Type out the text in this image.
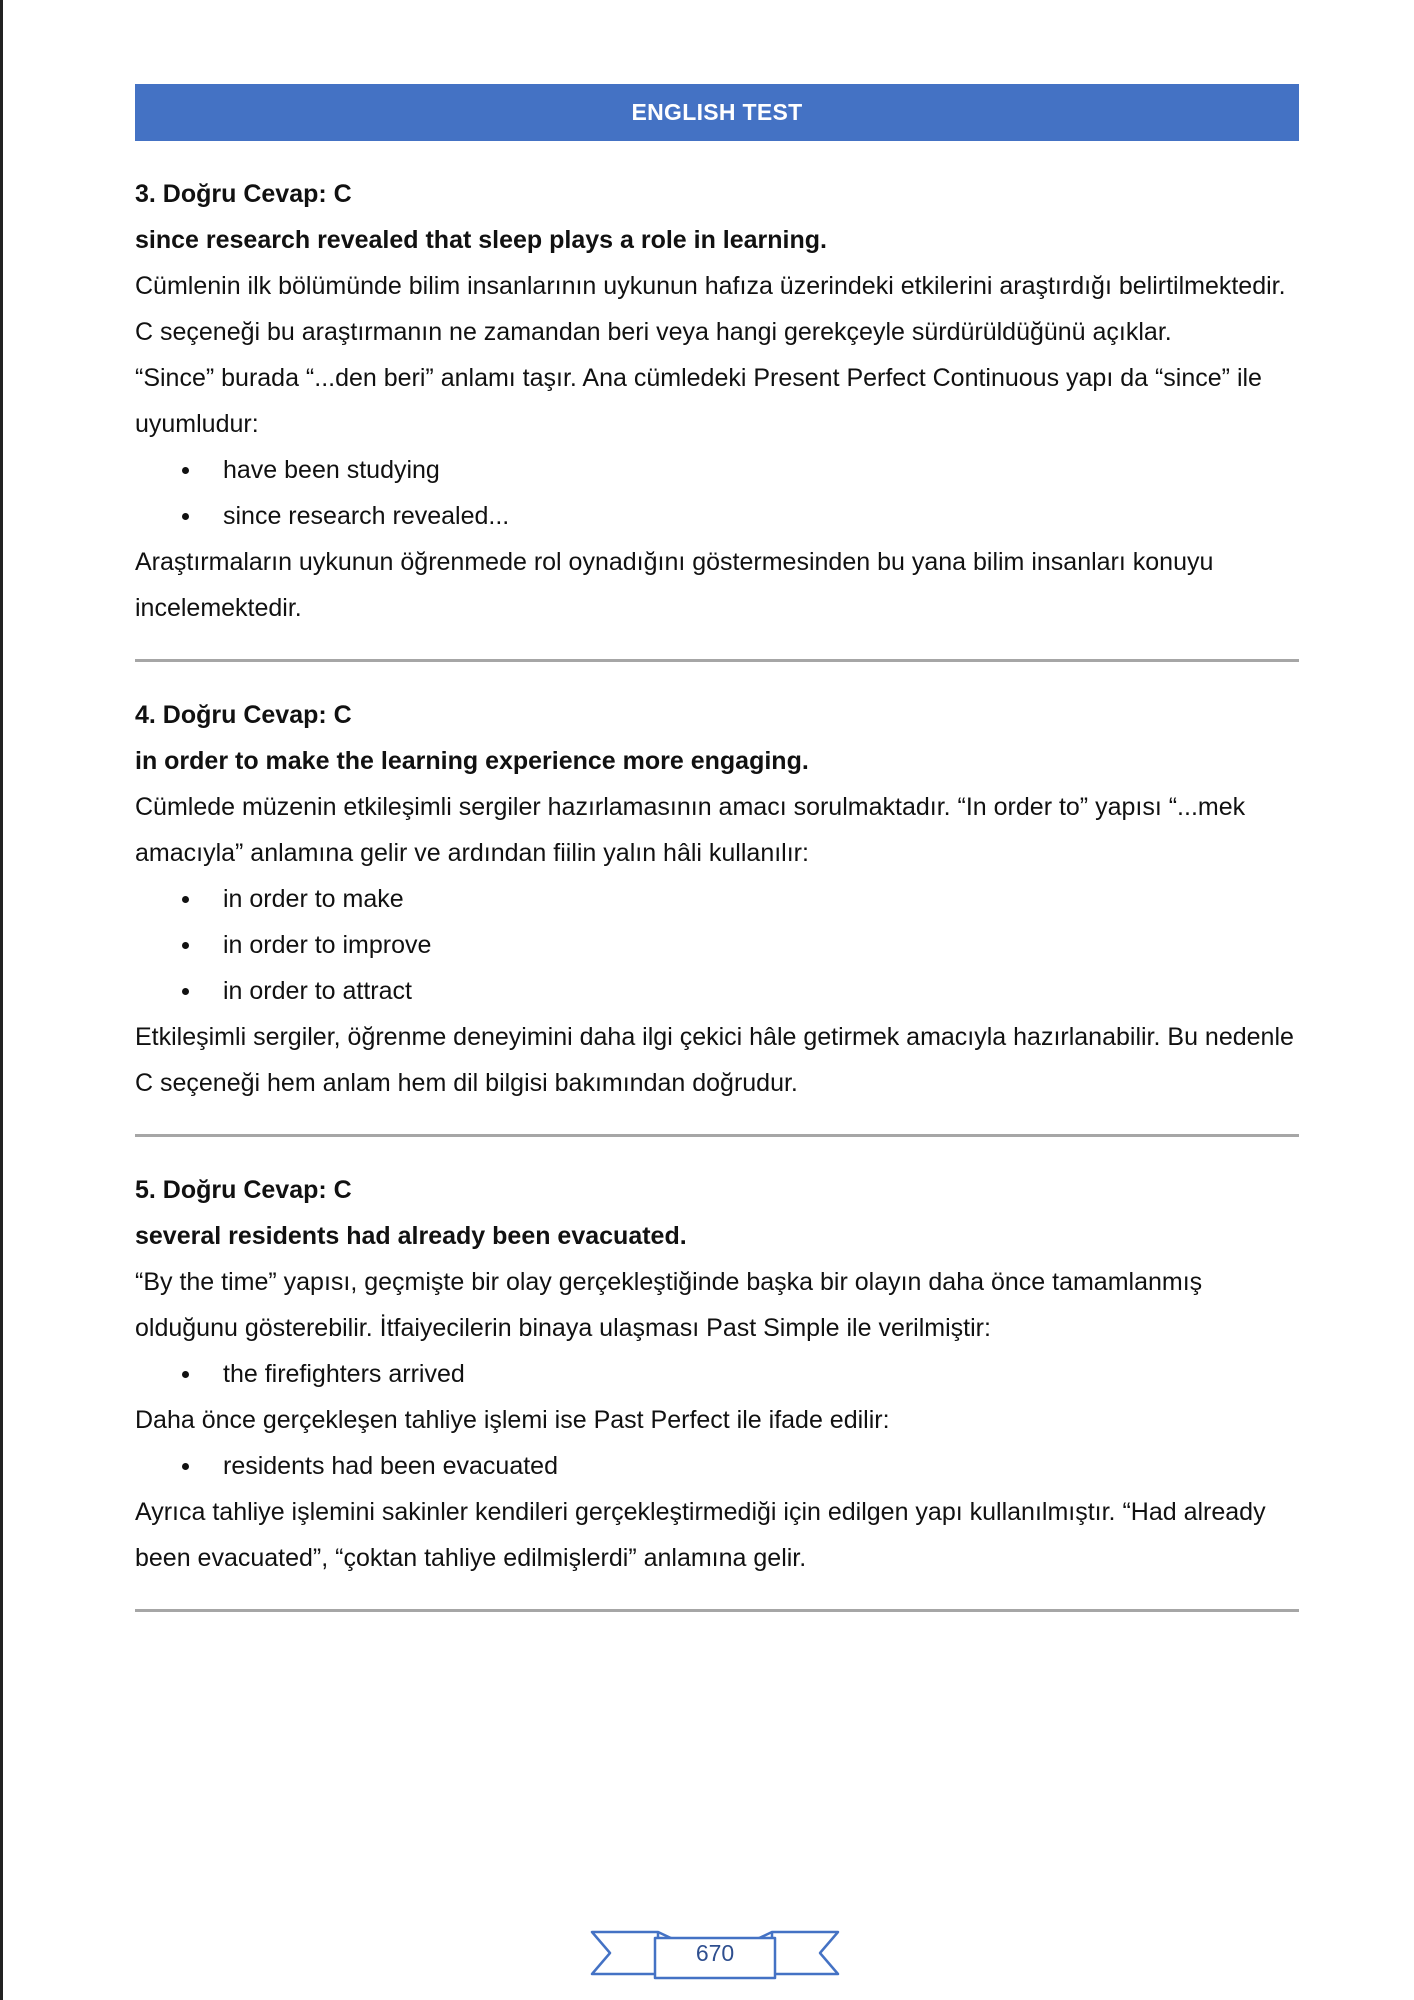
ENGLISH TEST
3. Doğru Cevap: C
since research revealed that sleep plays a role in learning.

Cümlenin ilk bölümünde bilim insanlarının uykunun hafıza üzerindeki etkilerini araştırdığı belirtilmektedir. C seçeneği bu araştırmanın ne zamandan beri veya hangi gerekçeyle sürdürüldüğünü açıklar.

“Since” burada “...den beri” anlamı taşır. Ana cümledeki Present Perfect Continuous yapı da “since” ile uyumludur:

have been studying
since research revealed...

Araştırmaların uykunun öğrenmede rol oynadığını göstermesinden bu yana bilim insanları konuyu incelemektedir.

4. Doğru Cevap: C
in order to make the learning experience more engaging.

Cümlede müzenin etkileşimli sergiler hazırlamasının amacı sorulmaktadır. “In order to” yapısı “...mek amacıyla” anlamına gelir ve ardından fiilin yalın hâli kullanılır:

in order to make
in order to improve
in order to attract

Etkileşimli sergiler, öğrenme deneyimini daha ilgi çekici hâle getirmek amacıyla hazırlanabilir. Bu nedenle C seçeneği hem anlam hem dil bilgisi bakımından doğrudur.

5. Doğru Cevap: C
several residents had already been evacuated.

“By the time” yapısı, geçmişte bir olay gerçekleştiğinde başka bir olayın daha önce tamamlanmış olduğunu gösterebilir. İtfaiyecilerin binaya ulaşması Past Simple ile verilmiştir:

the firefighters arrived

Daha önce gerçekleşen tahliye işlemi ise Past Perfect ile ifade edilir:

residents had been evacuated

Ayrıca tahliye işlemini sakinler kendileri gerçekleştirmediği için edilgen yapı kullanılmıştır. “Had already been evacuated”, “çoktan tahliye edilmişlerdi” anlamına gelir.

670
